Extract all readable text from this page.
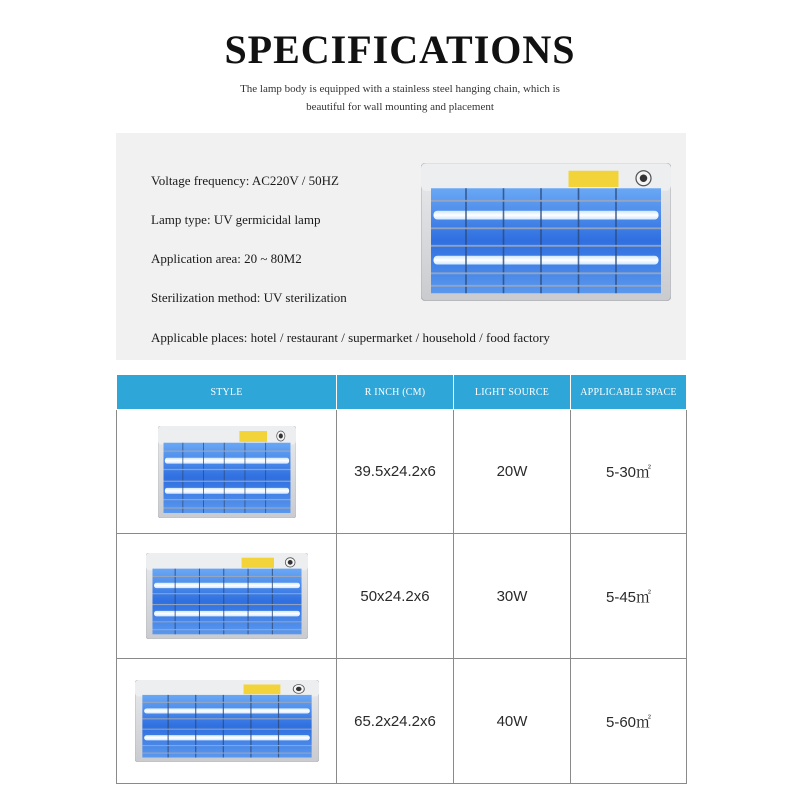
SPECIFICATIONS
The lamp body is equipped with a stainless steel hanging chain, which is
beautiful for wall mounting and placement
Voltage frequency: AC220V / 50HZ
Lamp type: UV germicidal lamp
Application area: 20 ~ 80M2
Sterilization method: UV sterilization
Applicable places: hotel / restaurant / supermarket / household / food factory
STYLE	R INCH (CM)	LIGHT SOURCE	APPLICABLE SPACE

	39.5x24.2x6	20W	5-30㎡

	50x24.2x6	30W	5-45㎡

	65.2x24.2x6	40W	5-60㎡
